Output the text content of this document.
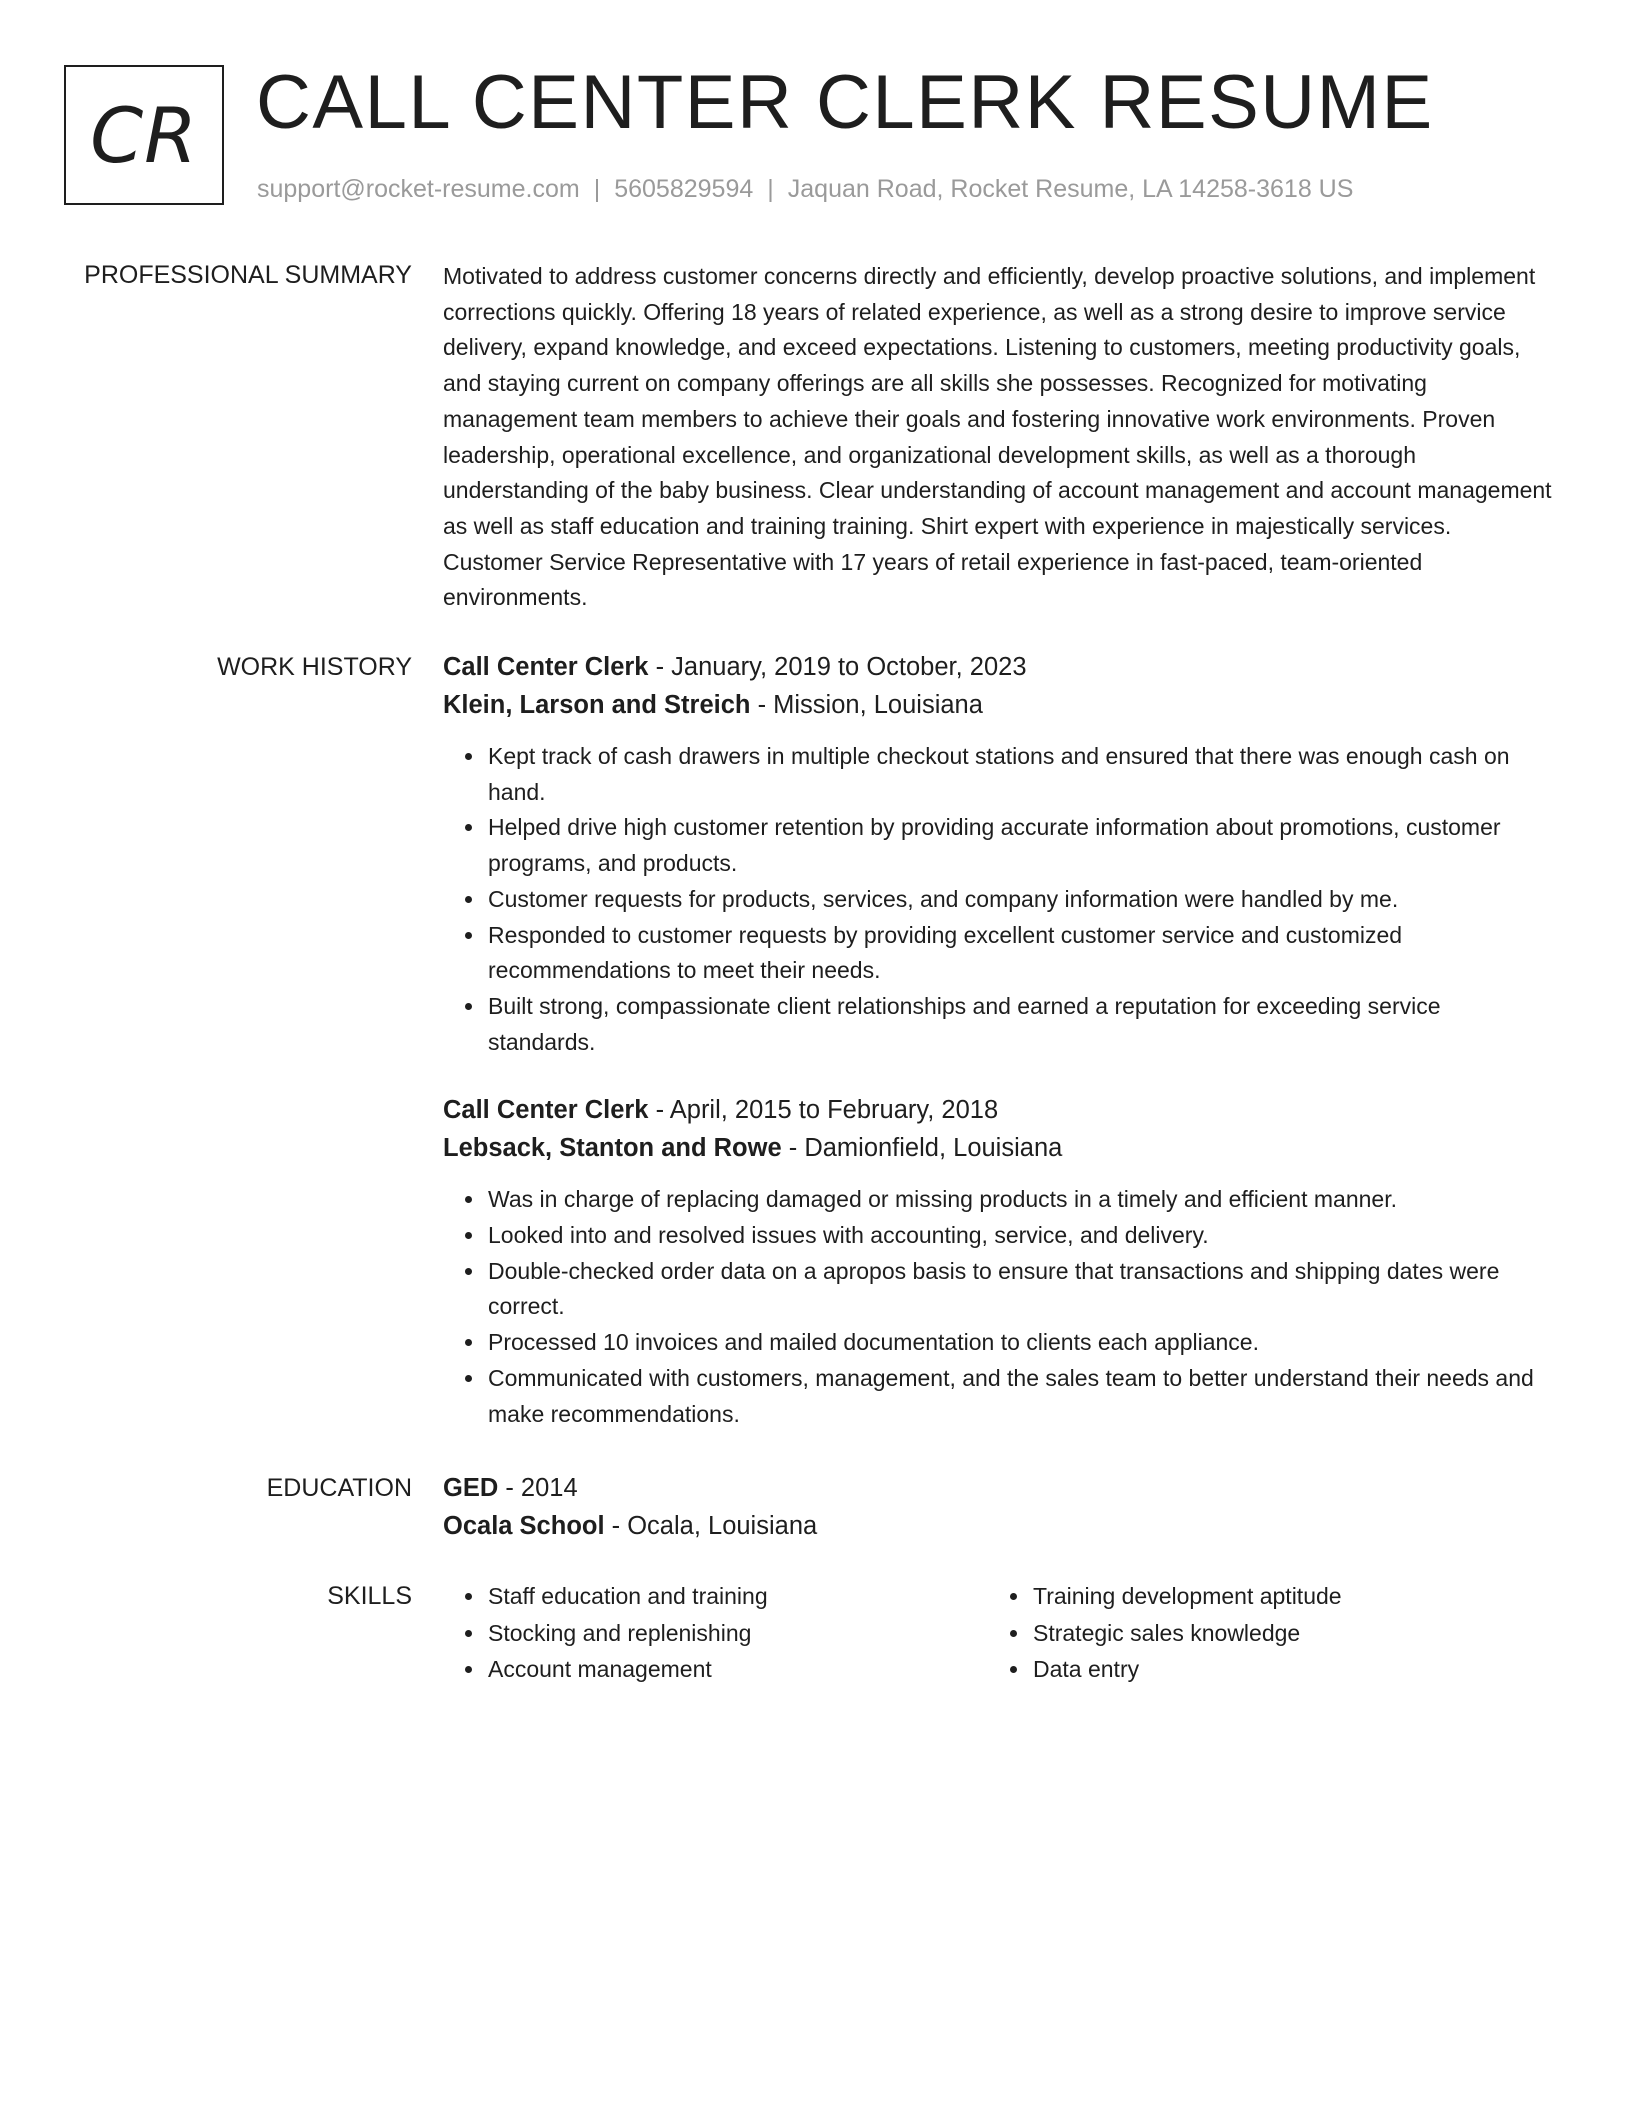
CR CALL CENTER CLERK RESUME
support@rocket-resume.com | 5605829594 | Jaquan Road, Rocket Resume, LA 14258-3618 US
PROFESSIONAL SUMMARY Motivated to address customer concerns directly and efficiently, develop proactive solutions, and implement corrections quickly. Offering 18 years of related experience, as well as a strong desire to improve service delivery, expand knowledge, and exceed expectations. Listening to customers, meeting productivity goals, and staying current on company offerings are all skills she possesses. Recognized for motivating management team members to achieve their goals and fostering innovative work environments. Proven leadership, operational excellence, and organizational development skills, as well as a thorough understanding of the baby business. Clear understanding of account management and account management as well as staff education and training training. Shirt expert with experience in majestically services. Customer Service Representative with 17 years of retail experience in fast-paced, team-oriented environments.

WORK HISTORY Call Center Clerk - January, 2019 to October, 2023
Klein, Larson and Streich - Mission, Louisiana
• Kept track of cash drawers in multiple checkout stations and ensured that there was enough cash on hand.
• Helped drive high customer retention by providing accurate information about promotions, customer programs, and products.
• Customer requests for products, services, and company information were handled by me.
• Responded to customer requests by providing excellent customer service and customized recommendations to meet their needs.
• Built strong, compassionate client relationships and earned a reputation for exceeding service standards.
Call Center Clerk - April, 2015 to February, 2018
Lebsack, Stanton and Rowe - Damionfield, Louisiana
• Was in charge of replacing damaged or missing products in a timely and efficient manner.
• Looked into and resolved issues with accounting, service, and delivery.
• Double-checked order data on a apropos basis to ensure that transactions and shipping dates were correct.
• Processed 10 invoices and mailed documentation to clients each appliance.
• Communicated with customers, management, and the sales team to better understand their needs and make recommendations.
EDUCATION GED - 2014
Ocala School - Ocala, Louisiana
SKILLS
•	Staff education and training
• Stocking and replenishing
• Account management
• Training development aptitude
• Strategic sales knowledge
• Data entry
